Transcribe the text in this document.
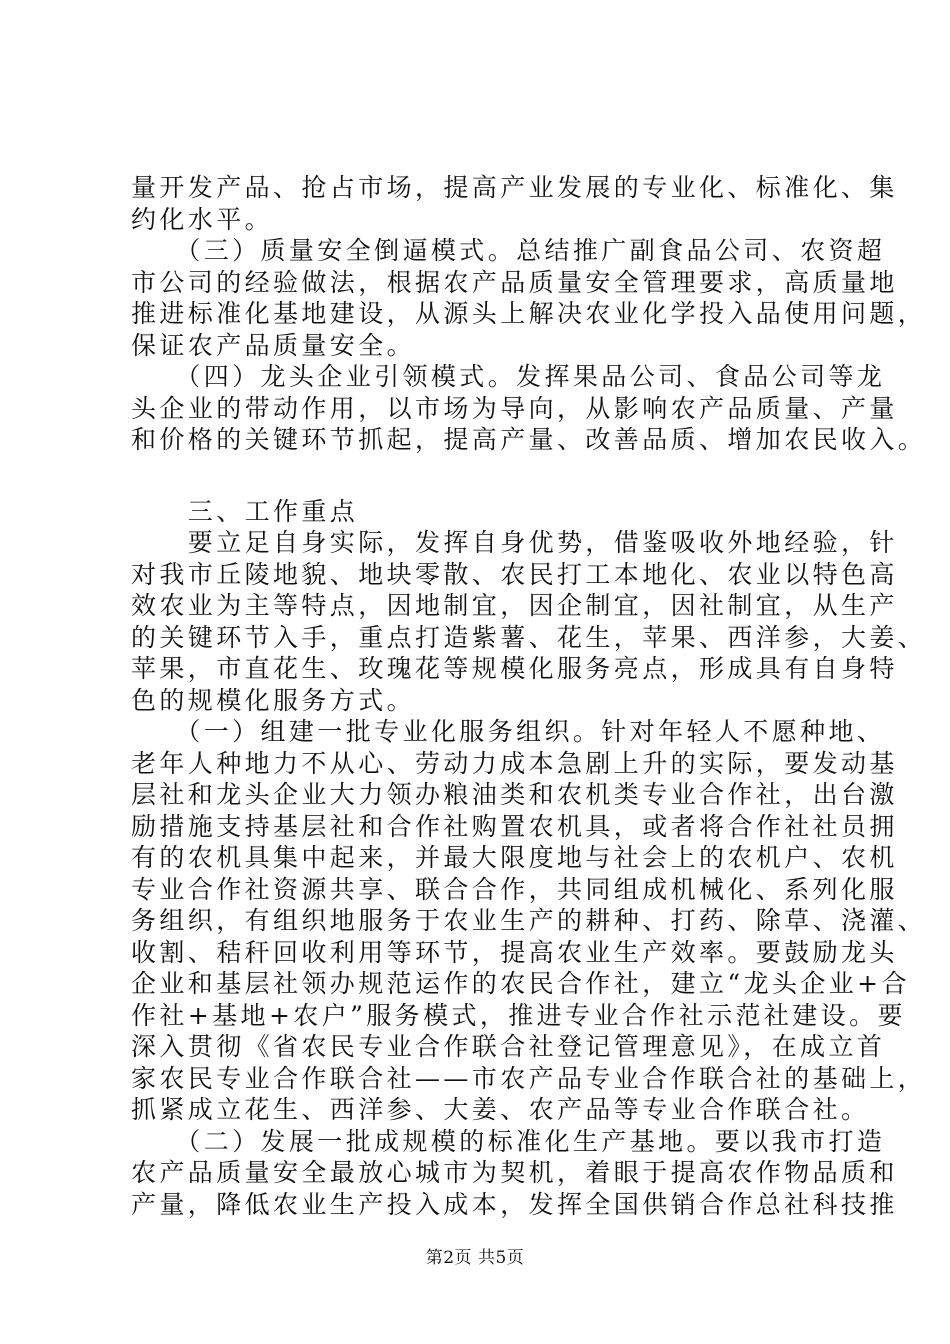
量开发产品、抢占市场，提高产业发展的专业化、标准化、集
约化水平。
　　（三）质量安全倒逼模式。总结推广副食品公司、农资超
市公司的经验做法，根据农产品质量安全管理要求，高质量地
推进标准化基地建设，从源头上解决农业化学投入品使用问题，
保证农产品质量安全。
　　（四）龙头企业引领模式。发挥果品公司、食品公司等龙
头企业的带动作用，以市场为导向，从影响农产品质量、产量
和价格的关键环节抓起，提高产量、改善品质、增加农民收入。
　　三、工作重点
　　要立足自身实际，发挥自身优势，借鉴吸收外地经验，针
对我市丘陵地貌、地块零散、农民打工本地化、农业以特色高
效农业为主等特点，因地制宜，因企制宜，因社制宜，从生产
的关键环节入手，重点打造紫薯、花生，苹果、西洋参，大姜、
苹果，市直花生、玫瑰花等规模化服务亮点，形成具有自身特
色的规模化服务方式。
　　（一）组建一批专业化服务组织。针对年轻人不愿种地、
老年人种地力不从心、劳动力成本急剧上升的实际，要发动基
层社和龙头企业大力领办粮油类和农机类专业合作社，出台激
励措施支持基层社和合作社购置农机具，或者将合作社社员拥
有的农机具集中起来，并最大限度地与社会上的农机户、农机
专业合作社资源共享、联合合作，共同组成机械化、系列化服
务组织，有组织地服务于农业生产的耕种、打药、除草、浇灌、
收割、秸秆回收利用等环节，提高农业生产效率。要鼓励龙头
企业和基层社领办规范运作的农民合作社，建立“龙头企业+合
作社+基地+农户”服务模式，推进专业合作社示范社建设。要
深入贯彻《省农民专业合作联合社登记管理意见》，在成立首
家农民专业合作联合社——市农产品专业合作联合社的基础上，
抓紧成立花生、西洋参、大姜、农产品等专业合作联合社。
　　（二）发展一批成规模的标准化生产基地。要以我市打造
农产品质量安全最放心城市为契机，着眼于提高农作物品质和
产量，降低农业生产投入成本，发挥全国供销合作总社科技推
第2页 共5页
